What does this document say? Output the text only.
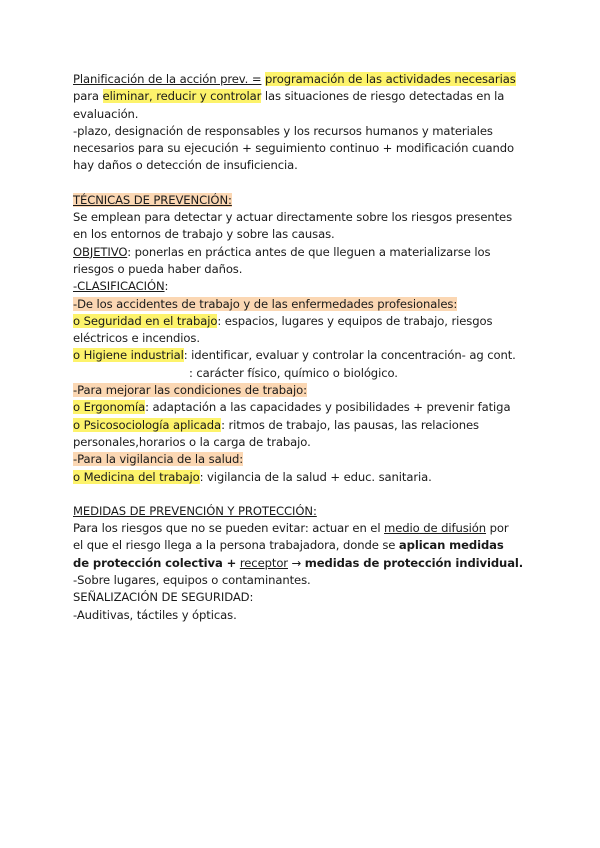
Planificación de la acción prev. = programación de las actividades necesarias
para eliminar, reducir y controlar las situaciones de riesgo detectadas en la
evaluación.
-plazo, designación de responsables y los recursos humanos y materiales
necesarios para su ejecución + seguimiento continuo + modificación cuando
hay daños o detección de insuficiencia.
TÉCNICAS DE PREVENCIÓN:
Se emplean para detectar y actuar directamente sobre los riesgos presentes
en los entornos de trabajo y sobre las causas.
OBJETIVO: ponerlas en práctica antes de que lleguen a materializarse los
riesgos o pueda haber daños.
-CLASIFICACIÓN:
-De los accidentes de trabajo y de las enfermedades profesionales:
o Seguridad en el trabajo: espacios, lugares y equipos de trabajo, riesgos
eléctricos e incendios.
o Higiene industrial: identificar, evaluar y controlar la concentración- ag cont.
: carácter físico, químico o biológico.
-Para mejorar las condiciones de trabajo:
o Ergonomía: adaptación a las capacidades y posibilidades + prevenir fatiga
o Psicosociología aplicada: ritmos de trabajo, las pausas, las relaciones
personales,horarios o la carga de trabajo.
-Para la vigilancia de la salud:
o Medicina del trabajo: vigilancia de la salud + educ. sanitaria.
MEDIDAS DE PREVENCIÓN Y PROTECCIÓN:
Para los riesgos que no se pueden evitar: actuar en el medio de difusión por
el que el riesgo llega a la persona trabajadora, donde se aplican medidas
de protección colectiva + receptor → medidas de protección individual.
-Sobre lugares, equipos o contaminantes.
SEÑALIZACIÓN DE SEGURIDAD:
-Auditivas, táctiles y ópticas.
